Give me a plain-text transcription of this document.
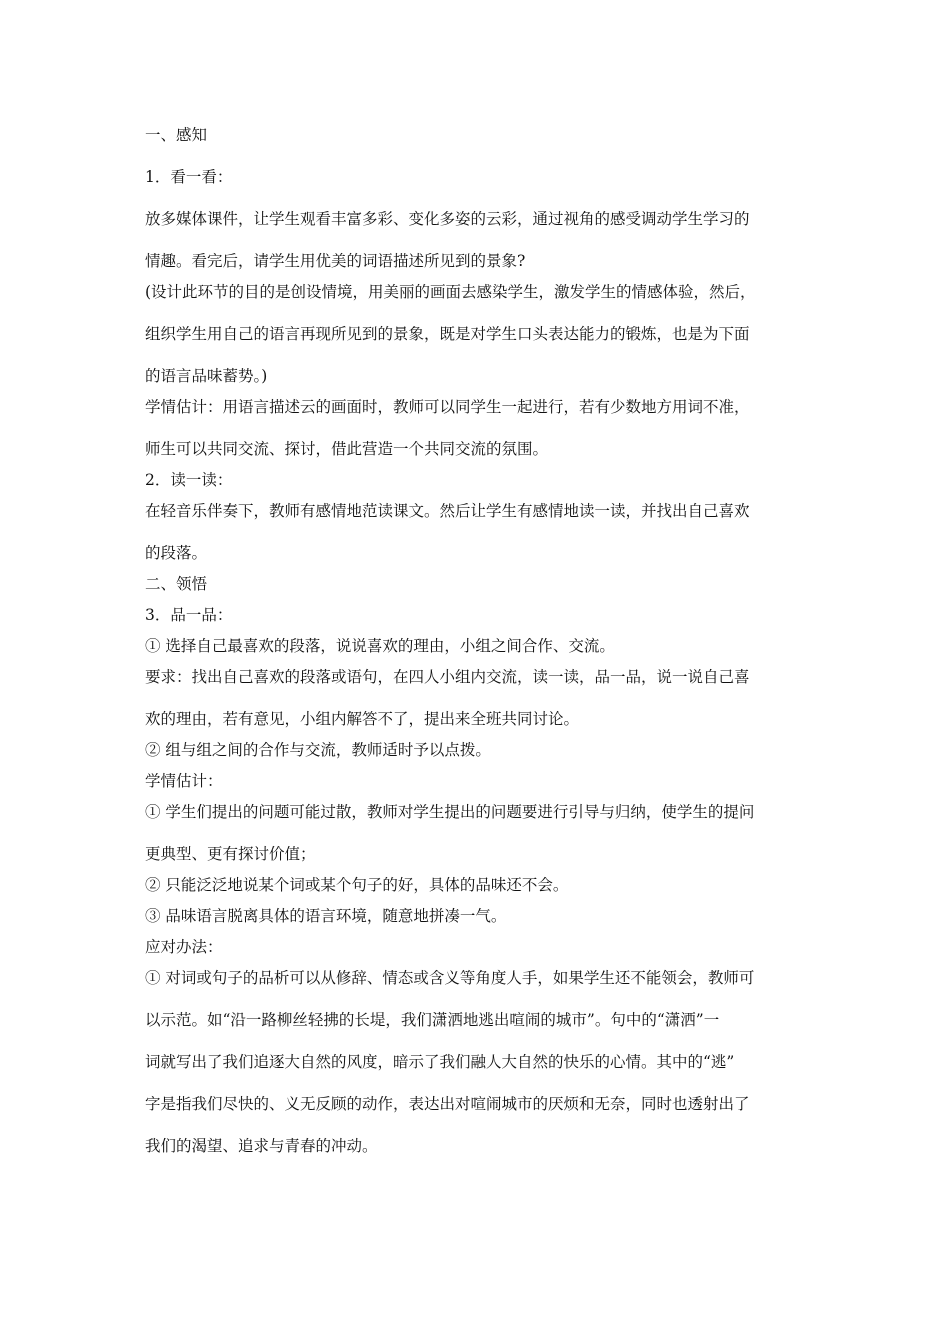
一、感知
1．看一看：
放多媒体课件，让学生观看丰富多彩、变化多姿的云彩，通过视角的感受调动学生学习的
情趣。看完后，请学生用优美的词语描述所见到的景象?
(设计此环节的目的是创设情境，用美丽的画面去感染学生，激发学生的情感体验，然后，
组织学生用自己的语言再现所见到的景象，既是对学生口头表达能力的锻炼，也是为下面
的语言品味蓄势。)
学情估计：用语言描述云的画面时，教师可以同学生一起进行，若有少数地方用词不准，
师生可以共同交流、探讨，借此营造一个共同交流的氛围。
2．读一读：
在轻音乐伴奏下，教师有感情地范读课文。然后让学生有感情地读一读，并找出自己喜欢
的段落。
二、领悟
3．品一品：
① 选择自己最喜欢的段落，说说喜欢的理由，小组之间合作、交流。
要求：找出自己喜欢的段落或语句，在四人小组内交流，读一读，品一品，说一说自己喜
欢的理由，若有意见，小组内解答不了，提出来全班共同讨论。
② 组与组之间的合作与交流，教师适时予以点拨。
学情估计：
① 学生们提出的问题可能过散，教师对学生提出的问题要进行引导与归纳，使学生的提问
更典型、更有探讨价值；
② 只能泛泛地说某个词或某个句子的好，具体的品味还不会。
③ 品味语言脱离具体的语言环境，随意地拼凑一气。
应对办法：
① 对词或句子的品析可以从修辞、情态或含义等角度人手，如果学生还不能领会，教师可
以示范。如“沿一路柳丝轻拂的长堤，我们潇洒地逃出喧闹的城市”。句中的“潇洒”一
词就写出了我们追逐大自然的风度，暗示了我们融人大自然的快乐的心情。其中的“逃”
字是指我们尽快的、义无反顾的动作，表达出对喧闹城市的厌烦和无奈，同时也透射出了
我们的渴望、追求与青春的冲动。
